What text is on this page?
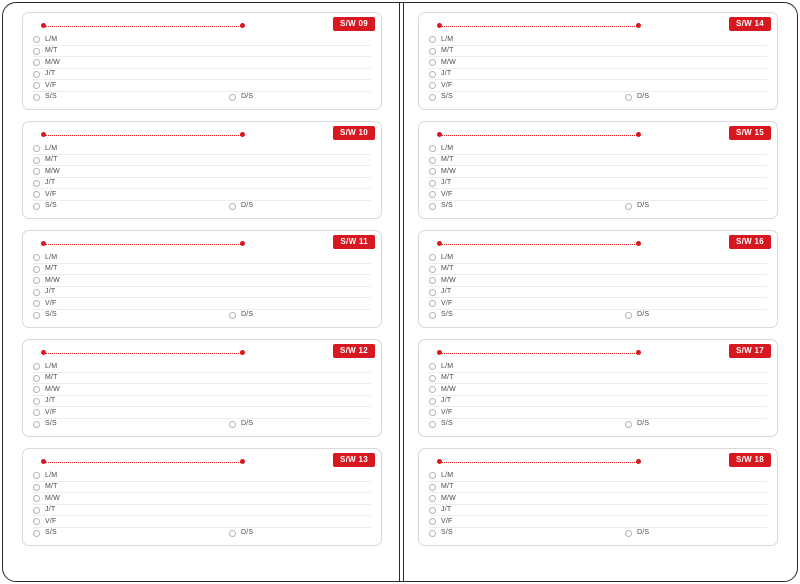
S/W 09
L/M
M/T
M/W
J/T
V/F
S/S	D/S
S/W 10
L/M
M/T
M/W
J/T
V/F
S/S	D/S
S/W 11
L/M
M/T
M/W
J/T
V/F
S/S	D/S
S/W 12
L/M
M/T
M/W
J/T
V/F
S/S	D/S
S/W 13
L/M
M/T
M/W
J/T
V/F
S/S	D/S
S/W 14
L/M
M/T
M/W
J/T
V/F
S/S	D/S
S/W 15
L/M
M/T
M/W
J/T
V/F
S/S	D/S
S/W 16
L/M
M/T
M/W
J/T
V/F
S/S	D/S
S/W 17
L/M
M/T
M/W
J/T
V/F
S/S	D/S
S/W 18
L/M
M/T
M/W
J/T
V/F
S/S	D/S
